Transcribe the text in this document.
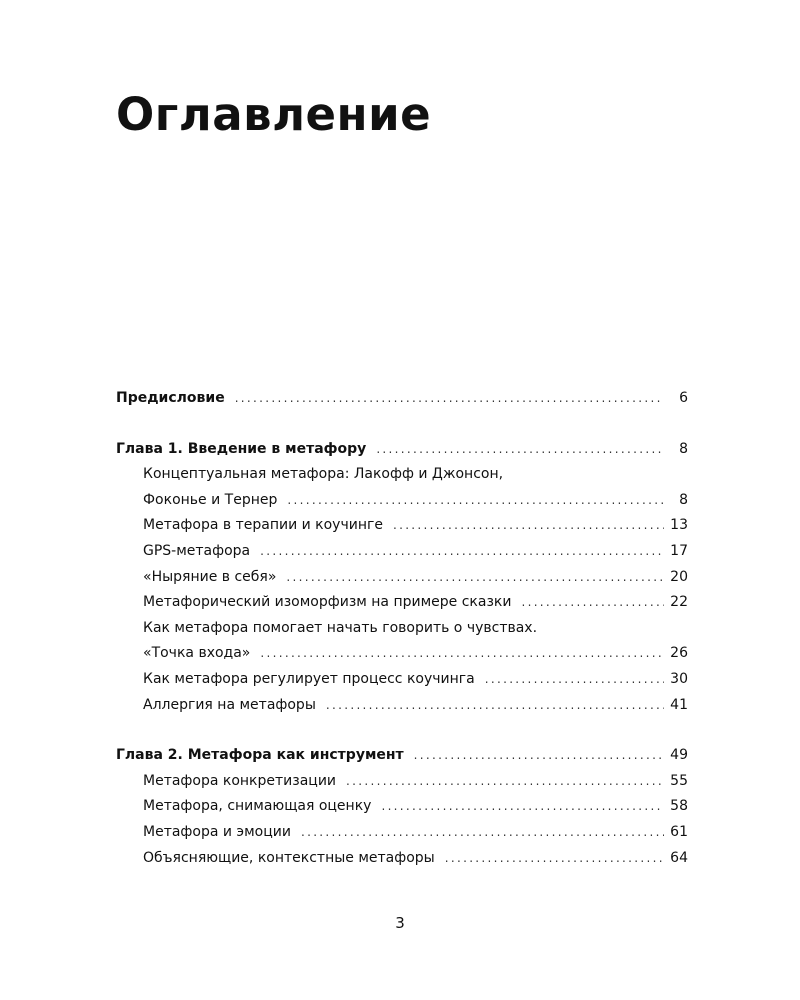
Оглавление
Предисловие .....	6
Глава 1. Введение в метафору .....	8
Концептуальная метафора: Лакофф и Джонсон,
Фоконье и Тернер .....	8
Метафора в терапии и коучинге .....	13
GPS-метафора .....	17
«Ныряние в себя» .....	20
Метафорический изоморфизм на примере сказки .....	22
Как метафора помогает начать говорить о чувствах.
«Точка входа» .....	26
Как метафора регулирует процесс коучинга .....	30
Аллергия на метафоры .....	41
Глава 2. Метафора как инструмент .....	49
Метафора конкретизации .....	55
Метафора, снимающая оценку .....	58
Метафора и эмоции .....	61
Объясняющие, контекстные метафоры .....	64
3
